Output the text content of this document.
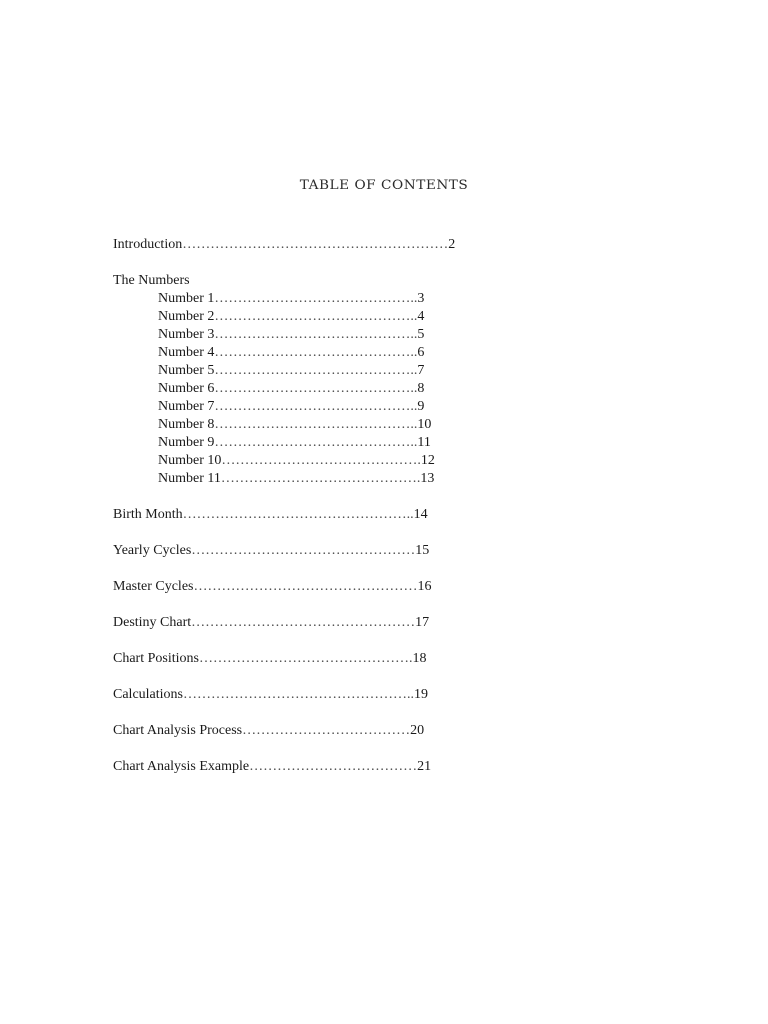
TABLE OF CONTENTS
Introduction…………………………………………………2
The Numbers
Number 1……………………………………..3
Number 2……………………………………..4
Number 3……………………………………..5
Number 4……………………………………..6
Number 5……………………………………..7
Number 6……………………………………..8
Number 7……………………………………..9
Number 8……………………………………..10
Number 9……………………………………..11
Number 10…………………………………….12
Number 11…………………………………….13
Birth Month…………………………………………..14
Yearly Cycles…………………………………………15
Master Cycles…………………………………………16
Destiny Chart…………………………………………17
Chart Positions……………………………………….18
Calculations…………………………………………..19
Chart Analysis Process………………………………20
Chart Analysis Example………………………………21
